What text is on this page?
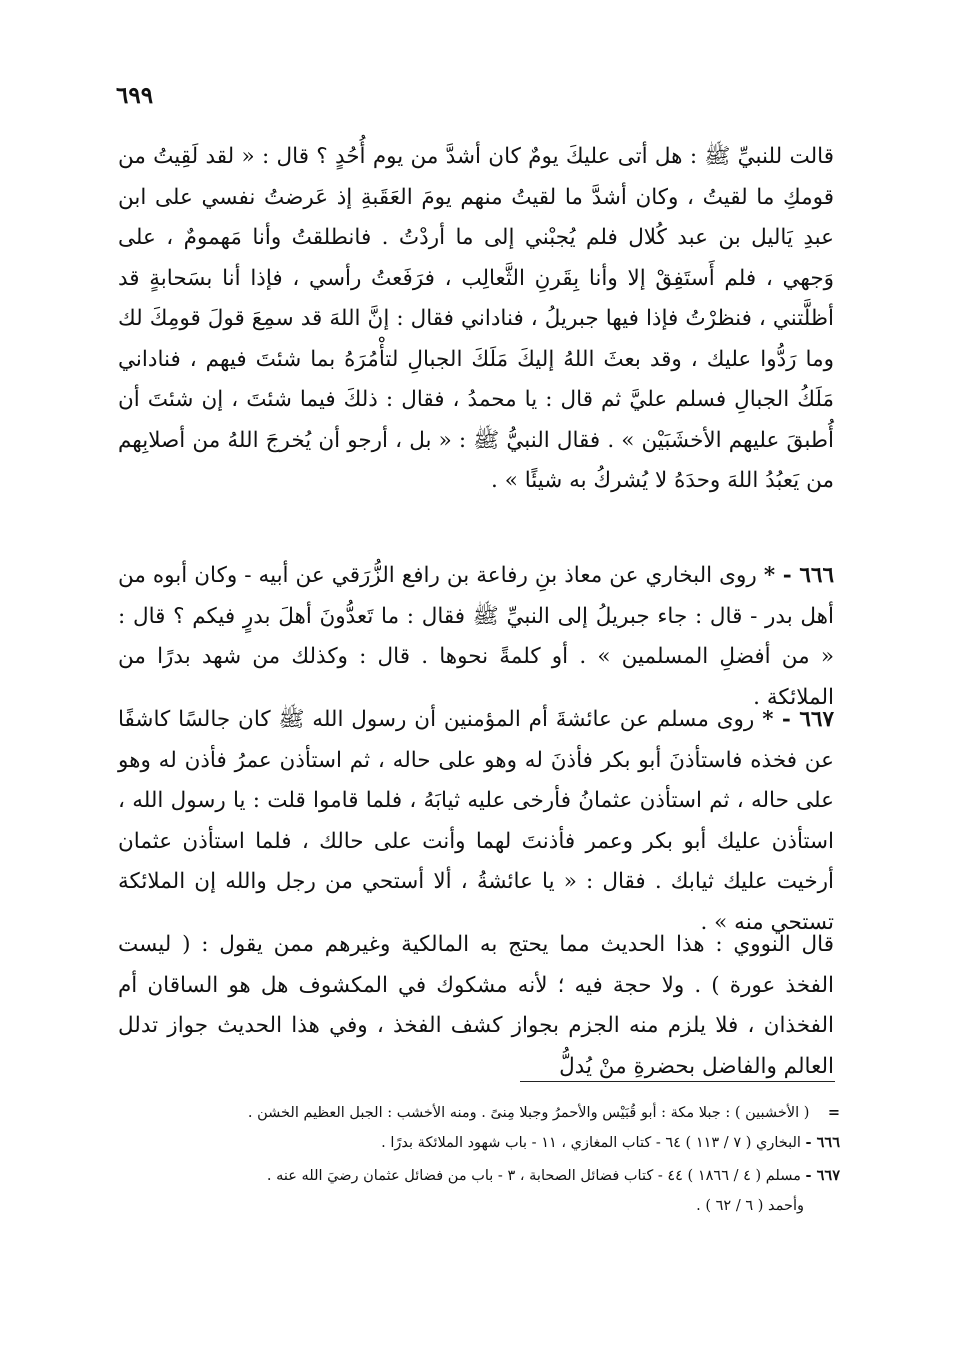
٦٩٩

قالت للنبيِّ ﷺ : هل أتى عليكَ يومٌ كان أشدَّ من يوم أُحُدٍ ؟ قال : « لقد لَقِيتُ من قومكِ ما لقيتُ ، وكان أشدَّ ما لقيتُ منهم يومَ العَقَبةِ إذ عَرضتُ نفسي على ابن عبدِ يَاليل بن عبد كُلال فلم يُجبْني إلى ما أردْتُ . فانطلقتُ وأنا مَهمومٌ ، على وَجهي ، فلم أَستَفِقْ إلا وأنا بِقَرنِ الثَّعالِب ، فرَفَعتُ رأسي ، فإذا أنا بسَحابةٍ قد أظلَّتني ، فنظرْتُ فإذا فيها جبريلُ ، فناداني فقال : إنَّ اللهَ قد سمِعَ قولَ قومِكَ لك وما رَدُّوا عليك ، وقد بعثَ اللهُ إليكَ مَلَكَ الجبالِ لتأْمُرَهُ بما شئتَ فيهم ، فناداني مَلَكُ الجبالِ فسلم عليَّ ثم قال : يا محمدُ ، فقال : ذلكَ فيما شئتَ ، إن شئتَ أن أُطبقَ عليهم الأخشَبَيْن » . فقال النبيُّ ﷺ : « بل ، أرجو أن يُخرجَ اللهُ من أصلابِهم من يَعبُدُ اللهَ وحدَهُ لا يُشركُ به شيئًا » .

٦٦٦ - * روى البخاري عن معاذ بنِ رفاعة بن رافع الزُّرَقي عن أبيه - وكان أبوه من أهل بدر - قال : جاء جبريلُ إلى النبيِّ ﷺ فقال : ما تَعدُّونَ أهلَ بدرٍ فيكم ؟ قال : « من أفضلِ المسلمين » . أو كلمةً نحوها . قال : وكذلك من شهد بدرًا من الملائكة .

٦٦٧ - * روى مسلم عن عائشةَ أم المؤمنين أن رسول الله ﷺ كان جالسًا كاشفًا عن فخذه فاستأذنَ أبو بكر فأذنَ له وهو على حاله ، ثم استأذن عمرُ فأذن له وهو على حاله ، ثم استأذن عثمانُ فأرخى عليه ثيابَهُ ، فلما قاموا قلت : يا رسول الله ، استأذن عليك أبو بكر وعمر فأذنتَ لهما وأنت على حالك ، فلما استأذن عثمان أرخيت عليك ثيابك . فقال : « يا عائشةُ ، ألا أستحي من رجل والله إن الملائكة تستحي منه » .

قال النووي : هذا الحديث مما يحتج به المالكية وغيرهم ممن يقول : ( ليست الفخذ عورة ) . ولا حجة فيه ؛ لأنه مشكوك في المكشوف هل هو الساقان أم الفخذان ، فلا يلزم منه الجزم بجواز كشف الفخذ ، وفي هذا الحديث جواز تدلل العالم والفاضل بحضرةِ منْ يُدلُّ

=    ( الأخشبين ) : جبلا مكة : أبو قُبَيْس والأحمرُ وجبلا مِنىً . ومنه الأخشب : الجبل العظيم الخشن .

٦٦٦ - البخاري ( ٧ / ١١٣ ) ٦٤ - كتاب المغازي ، ١١ - باب شهود الملائكة بدرًا .

٦٦٧ - مسلم ( ٤ / ١٨٦٦ ) ٤٤ - كتاب فضائل الصحابة ، ٣ - باب من فضائل عثمان رضيَ الله عنه .

وأحمد ( ٦ / ٦٢ ) .
